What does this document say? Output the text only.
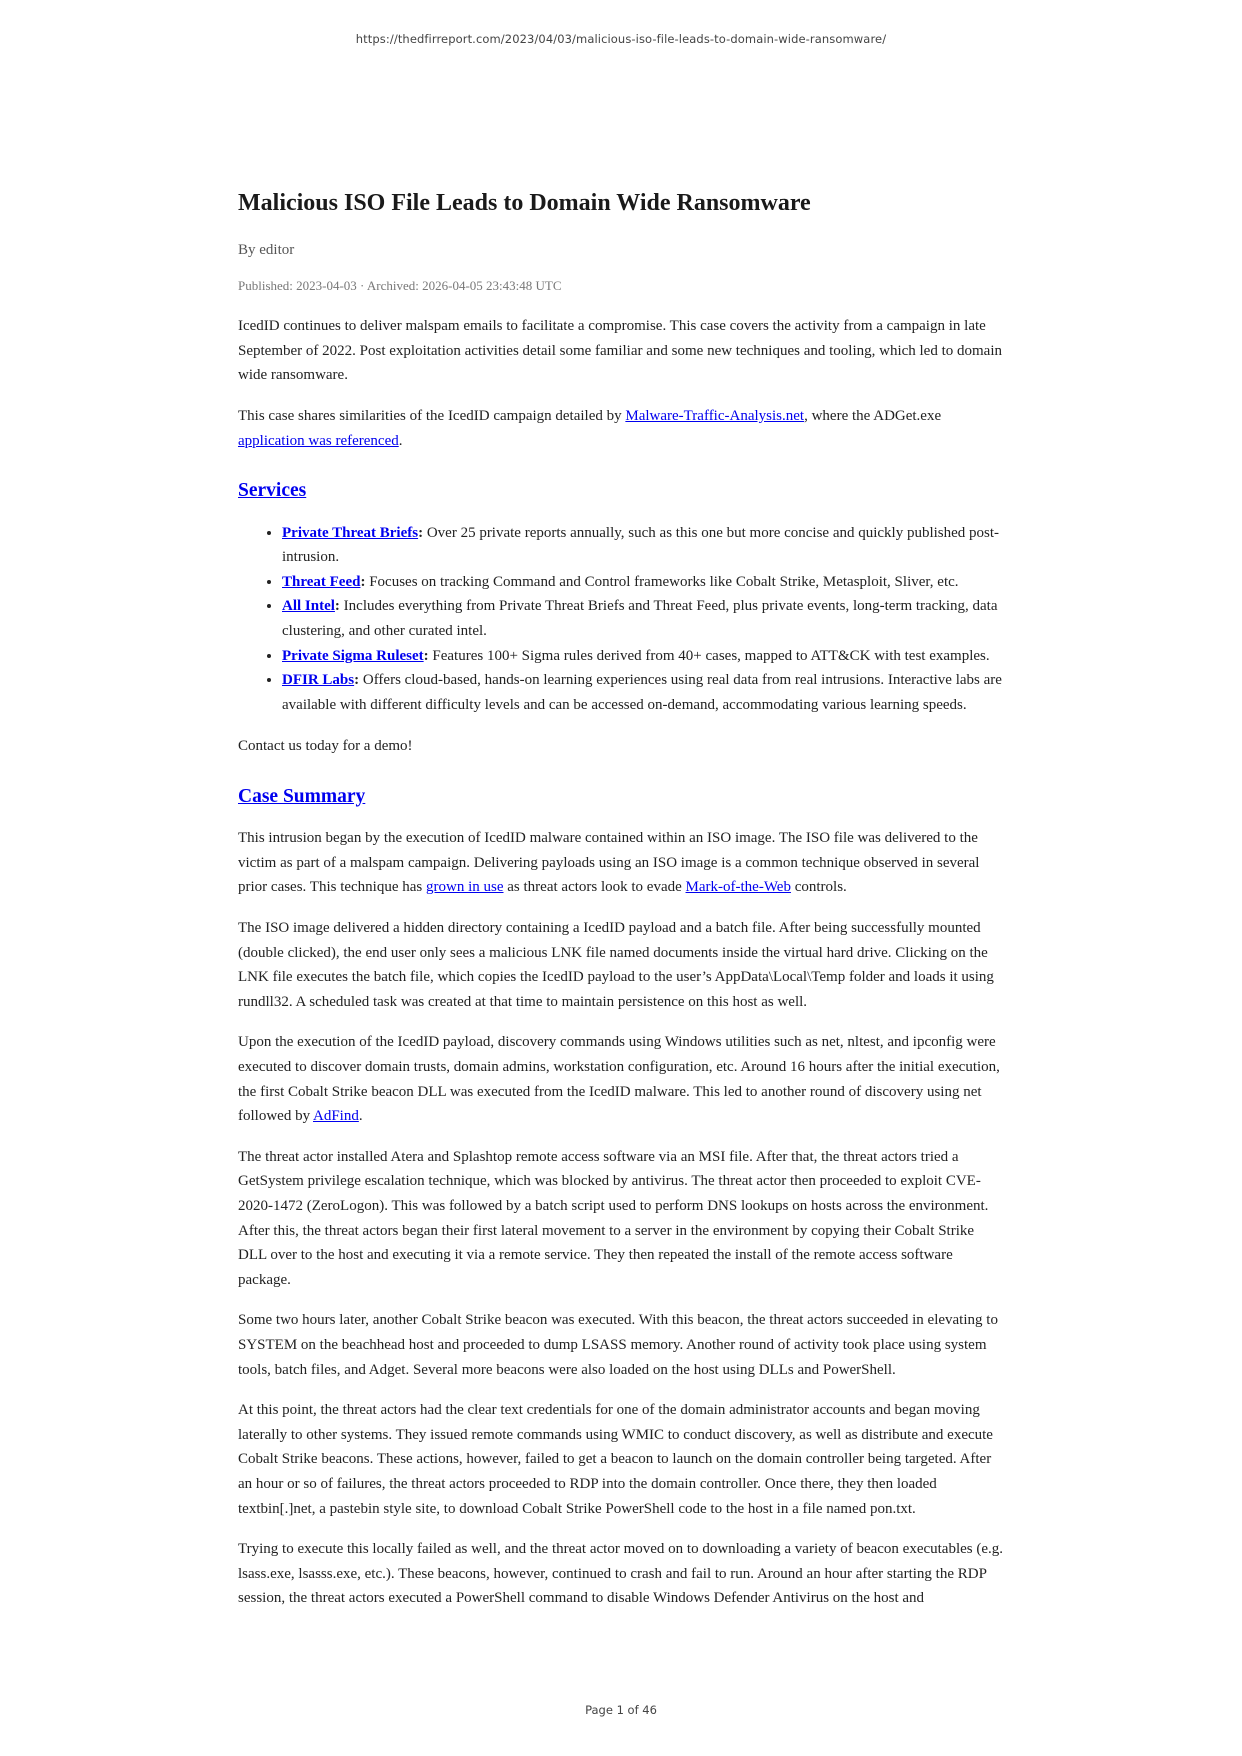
https://thedfirreport.com/2023/04/03/malicious-iso-file-leads-to-domain-wide-ransomware/
Malicious ISO File Leads to Domain Wide Ransomware
By editor
Published: 2023-04-03 · Archived: 2026-04-05 23:43:48 UTC

IcedID continues to deliver malspam emails to facilitate a compromise. This case covers the activity from a campaign in late September of 2022. Post exploitation activities detail some familiar and some new techniques and tooling, which led to domain wide ransomware.

This case shares similarities of the IcedID campaign detailed by Malware-Traffic-Analysis.net, where the ADGet.exe application was referenced.

Services
• Private Threat Briefs: Over 25 private reports annually, such as this one but more concise and quickly published post-intrusion.
• Threat Feed: Focuses on tracking Command and Control frameworks like Cobalt Strike, Metasploit, Sliver, etc.
• All Intel: Includes everything from Private Threat Briefs and Threat Feed, plus private events, long-term tracking, data clustering, and other curated intel.
• Private Sigma Ruleset: Features 100+ Sigma rules derived from 40+ cases, mapped to ATT&CK with test examples.
• DFIR Labs: Offers cloud-based, hands-on learning experiences using real data from real intrusions. Interactive labs are available with different difficulty levels and can be accessed on-demand, accommodating various learning speeds.

Contact us today for a demo!

Case Summary

This intrusion began by the execution of IcedID malware contained within an ISO image. The ISO file was delivered to the victim as part of a malspam campaign. Delivering payloads using an ISO image is a common technique observed in several prior cases. This technique has grown in use as threat actors look to evade Mark-of-the-Web controls.

The ISO image delivered a hidden directory containing a IcedID payload and a batch file. After being successfully mounted (double clicked), the end user only sees a malicious LNK file named documents inside the virtual hard drive. Clicking on the LNK file executes the batch file, which copies the IcedID payload to the user’s AppData\Local\Temp folder and loads it using rundll32. A scheduled task was created at that time to maintain persistence on this host as well.

Upon the execution of the IcedID payload, discovery commands using Windows utilities such as net, nltest, and ipconfig were executed to discover domain trusts, domain admins, workstation configuration, etc. Around 16 hours after the initial execution, the first Cobalt Strike beacon DLL was executed from the IcedID malware. This led to another round of discovery using net followed by AdFind.

The threat actor installed Atera and Splashtop remote access software via an MSI file. After that, the threat actors tried a GetSystem privilege escalation technique, which was blocked by antivirus. The threat actor then proceeded to exploit CVE-2020-1472 (ZeroLogon). This was followed by a batch script used to perform DNS lookups on hosts across the environment. After this, the threat actors began their first lateral movement to a server in the environment by copying their Cobalt Strike DLL over to the host and executing it via a remote service. They then repeated the install of the remote access software package.

Some two hours later, another Cobalt Strike beacon was executed. With this beacon, the threat actors succeeded in elevating to SYSTEM on the beachhead host and proceeded to dump LSASS memory. Another round of activity took place using system tools, batch files, and Adget. Several more beacons were also loaded on the host using DLLs and PowerShell.

At this point, the threat actors had the clear text credentials for one of the domain administrator accounts and began moving laterally to other systems. They issued remote commands using WMIC to conduct discovery, as well as distribute and execute Cobalt Strike beacons. These actions, however, failed to get a beacon to launch on the domain controller being targeted. After an hour or so of failures, the threat actors proceeded to RDP into the domain controller. Once there, they then loaded textbin[.]net, a pastebin style site, to download Cobalt Strike PowerShell code to the host in a file named pon.txt.

Trying to execute this locally failed as well, and the threat actor moved on to downloading a variety of beacon executables (e.g. lsass.exe, lsasss.exe, etc.). These beacons, however, continued to crash and fail to run. Around an hour after starting the RDP session, the threat actors executed a PowerShell command to disable Windows Defender Antivirus on the host and

Page 1 of 46
